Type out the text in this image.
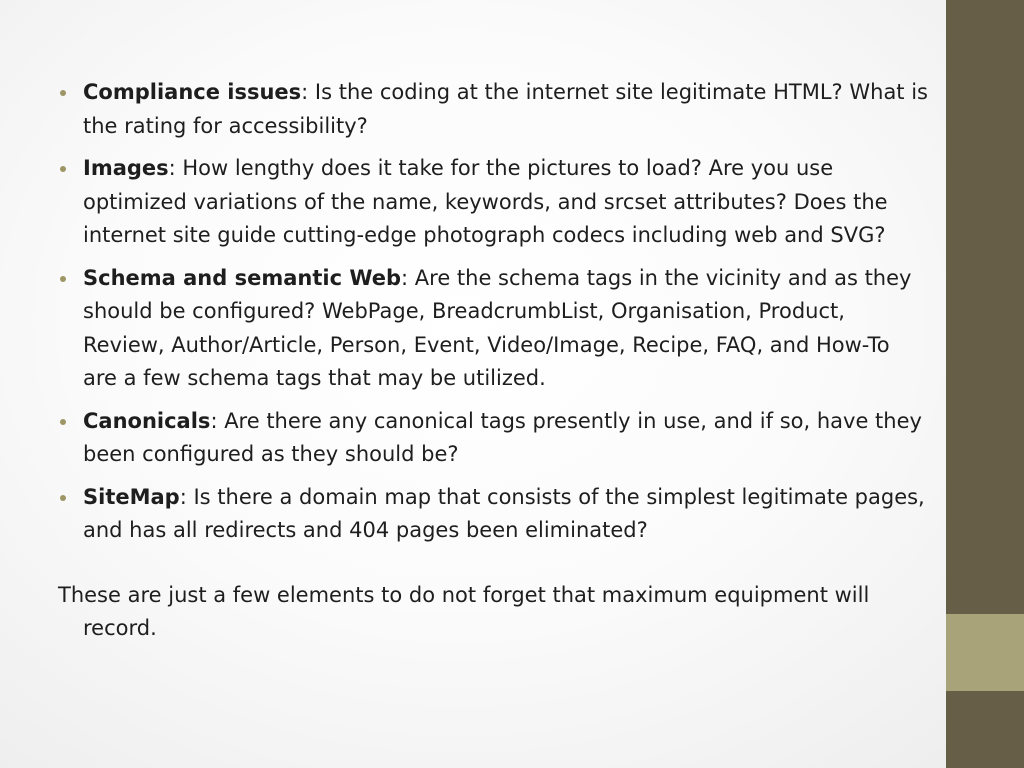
Compliance issues: Is the coding at the internet site legitimate HTML? What is the rating for accessibility?
Images: How lengthy does it take for the pictures to load? Are you use optimized variations of the name, keywords, and srcset attributes? Does the internet site guide cutting-edge photograph codecs including web and SVG?
Schema and semantic Web: Are the schema tags in the vicinity and as they should be configured? WebPage, BreadcrumbList, Organisation, Product, Review, Author/Article, Person, Event, Video/Image, Recipe, FAQ, and How-To are a few schema tags that may be utilized.
Canonicals: Are there any canonical tags presently in use, and if so, have they been configured as they should be?
SiteMap: Is there a domain map that consists of the simplest legitimate pages, and has all redirects and 404 pages been eliminated?

These are just a few elements to do not forget that maximum equipment will record.
